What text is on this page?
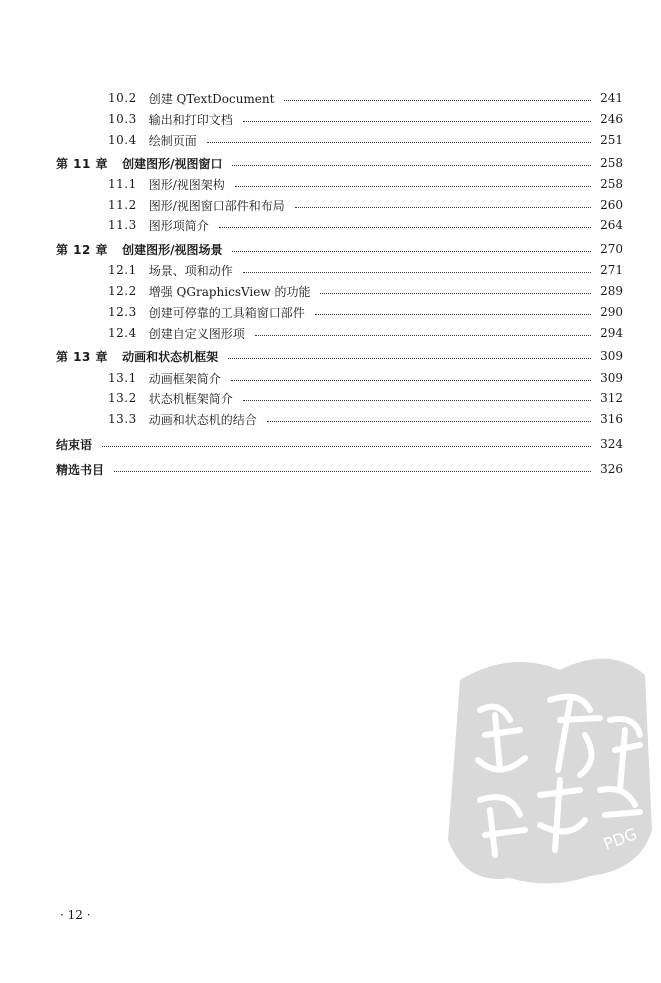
10.2 创建 QTextDocument	241
10.3 输出和打印文档	246
10.4 绘制页面	251
第 11 章 创建图形/视图窗口	258
11.1 图形/视图架构	258
11.2 图形/视图窗口部件和布局	260
11.3 图形项简介	264
第 12 章 创建图形/视图场景	270
12.1 场景、项和动作	271
12.2 增强 QGraphicsView 的功能	289
12.3 创建可停靠的工具箱窗口部件	290
12.4 创建自定义图形项	294
第 13 章 动画和状态机框架	309
13.1 动画框架简介	309
13.2 状态机框架简介	312
13.3 动画和状态机的结合	316
结束语	324
精选书目	326
PDG
· 12 ·
